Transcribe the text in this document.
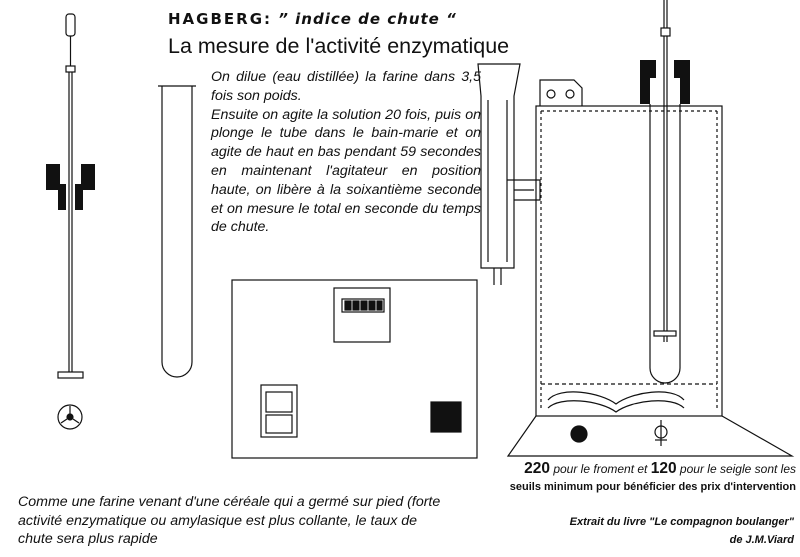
HAGBERG: ” indice de chute “
La mesure de l'activité enzymatique

On dilue (eau distillée) la farine dans 3,5 fois son poids.

Ensuite on agite la solution 20 fois, puis on plonge le tube dans le bain-marie et on agite de haut en bas pendant 59 secondes en maintenant l'agitateur en position haute, on libère à la soixantième seconde et on mesure le total en seconde du temps de chute.

220 pour le froment et 120 pour le seigle sont les
seuils minimum pour bénéficier des prix d'intervention
Comme une farine venant d'une céréale qui a germé sur pied (forte activité enzymatique ou amylasique est plus collante, le taux de chute sera plus rapide
Extrait du livre "Le compagnon boulanger"
de J.M.Viard
